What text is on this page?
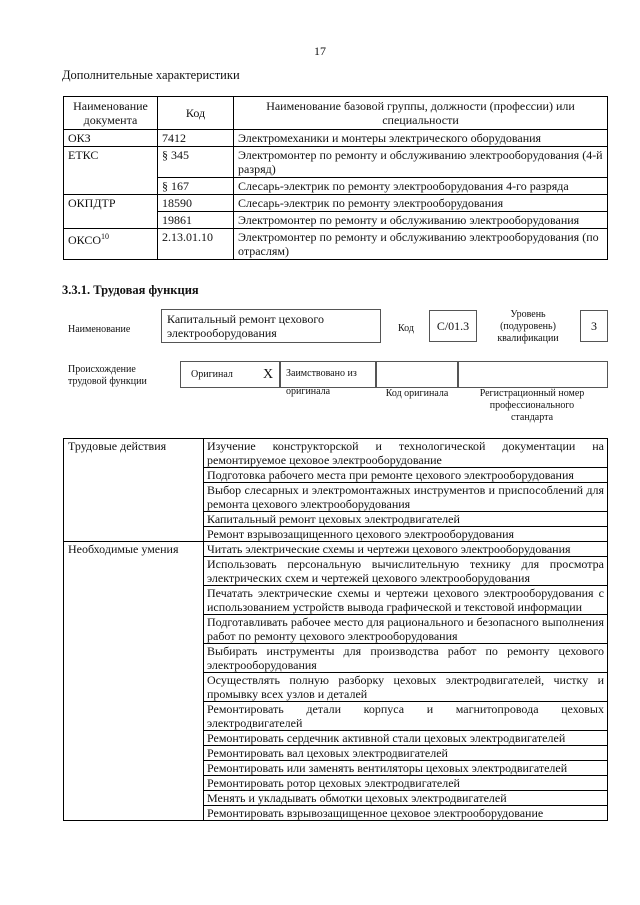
17
Дополнительные характеристики
Наименование документа	Код	Наименование базовой группы, должности (профессии) или специальности
ОКЗ	7412	Электромеханики и монтеры электрического оборудования
ЕТКС	§ 345	Электромонтер по ремонту и обслуживанию электрооборудования (4-й разряд)
	§ 167	Слесарь-электрик по ремонту электрооборудования 4-го разряда
ОКПДТР	18590	Слесарь-электрик по ремонту электрооборудования
	19861	Электромонтер по ремонту и обслуживанию электрооборудования
ОКСО$^{10}$	2.13.01.10	Электромонтер по ремонту и обслуживанию электрооборудования (по отраслям)
3.3.1. Трудовая функция
Наименование
Капитальный ремонт цехового электрооборудования	Код	C/01.3
Уровень (подуровень) квалификации
3
Происхождение трудовой функции
Оригинал X	Заимствовано из оригинала	Код оригинала	Регистрационный номер профессионального стандарта
Трудовые действия	Изучение конструкторской и технологической документации на ремонтируемое цеховое электрооборудование
	Подготовка рабочего места при ремонте цехового электрооборудования
	Выбор слесарных и электромонтажных инструментов и приспособлений для ремонта цехового электрооборудования
	Капитальный ремонт цеховых электродвигателей
	Ремонт взрывозащищенного цехового электрооборудования
Необходимые умения	Читать электрические схемы и чертежи цехового электрооборудования
	Использовать персональную вычислительную технику для просмотра электрических схем и чертежей цехового электрооборудования
	Печатать электрические схемы и чертежи цехового электрооборудования с использованием устройств вывода графической и текстовой информации
	Подготавливать рабочее место для рационального и безопасного выполнения работ по ремонту цехового электрооборудования
	Выбирать инструменты для производства работ по ремонту цехового электрооборудования
	Осуществлять полную разборку цеховых электродвигателей, чистку и промывку всех узлов и деталей
	Ремонтировать детали корпуса и магнитопровода цеховых электродвигателей
	Ремонтировать сердечник активной стали цеховых электродвигателей
	Ремонтировать вал цеховых электродвигателей
	Ремонтировать или заменять вентиляторы цеховых электродвигателей
	Ремонтировать ротор цеховых электродвигателей
	Менять и укладывать обмотки цеховых электродвигателей
	Ремонтировать взрывозащищенное цеховое электрооборудование
